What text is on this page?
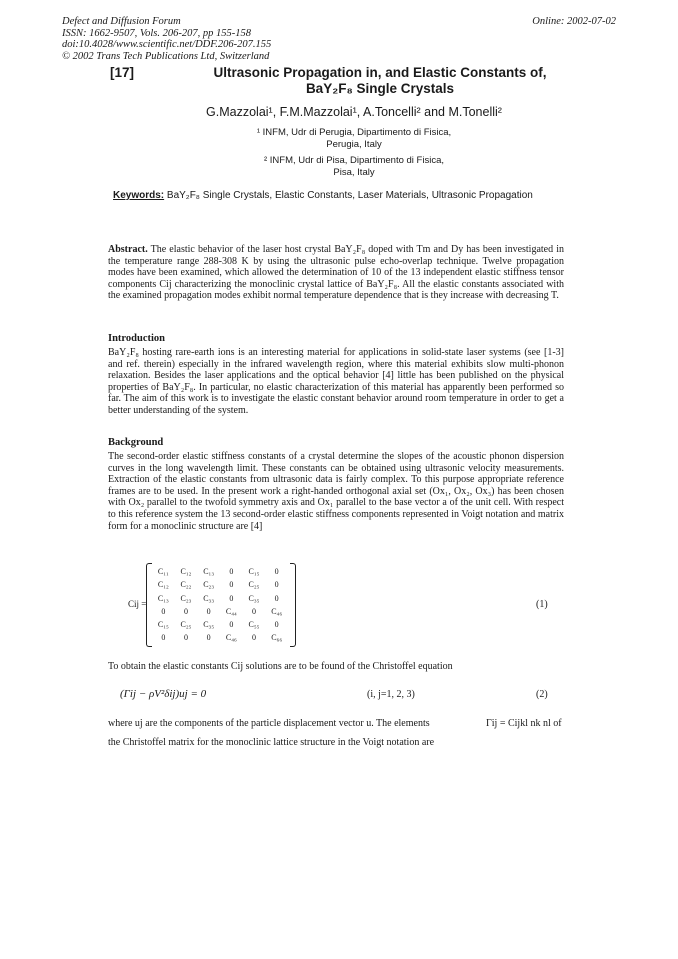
Defect and Diffusion Forum
ISSN: 1662-9507, Vols. 206-207, pp 155-158
doi:10.4028/www.scientific.net/DDF.206-207.155
© 2002 Trans Tech Publications Ltd, Switzerland
Online: 2002-07-02
[17]	Ultrasonic Propagation in, and Elastic Constants of,
BaY₂F₈ Single Crystals
G.Mazzolai¹, F.M.Mazzolai¹, A.Toncelli² and M.Tonelli²
¹ INFM, Udr di Perugia, Dipartimento di Fisica,
Perugia, Italy
² INFM, Udr di Pisa, Dipartimento di Fisica,
Pisa, Italy
Keywords: BaY₂F₈ Single Crystals, Elastic Constants, Laser Materials, Ultrasonic Propagation
Abstract. The elastic behavior of the laser host crystal BaY₂F₈ doped with Tm and Dy has been investigated in the temperature range 288-308 K by using the ultrasonic pulse echo-overlap technique. Twelve propagation modes have been examined, which allowed the determination of 10 of the 13 independent elastic stiffness tensor components Cij characterizing the monoclinic crystal lattice of BaY₂F₈. All the elastic constants associated with the examined propagation modes exhibit normal temperature dependence that is they increase with decreasing T.
Introduction
BaY₂F₈ hosting rare-earth ions is an interesting material for applications in solid-state laser systems (see [1-3] and ref. therein) especially in the infrared wavelength region, where this material exhibits slow multi-phonon relaxation. Besides the laser applications and the optical behavior [4] little has been published on the physical properties of BaY₂F₈. In particular, no elastic characterization of this material has apparently been performed so far. The aim of this work is to investigate the elastic constant behavior around room temperature in order to get a better understanding of the system.
Background
The second-order elastic stiffness constants of a crystal determine the slopes of the acoustic phonon dispersion curves in the long wavelength limit. These constants can be obtained using ultrasonic velocity measurements. Extraction of the elastic constants from ultrasonic data is fairly complex. To this purpose appropriate reference frames are to be used. In the present work a right-handed orthogonal axial set (Ox₁, Ox₂, Ox₃) has been chosen with Ox₂ parallel to the twofold symmetry axis and Ox₁ parallel to the base vector a of the unit cell. With respect to this reference system the 13 second-order elastic stiffness components represented in Voigt notation and matrix form for a monoclinic structure are [4]
Cij =
C₁₁	C₁₂	C₁₃	0	C₁₅	0
C₁₂	C₂₂	C₂₃	0	C₂₅	0
C₁₃	C₂₃	C₃₃	0	C₃₅	0
0	0	0	C₄₄	0	C₄₆
C₁₅	C₂₅	C₃₅	0	C₅₅	0
0	0	0	C₄₆	0	C₆₆
(1)
To obtain the elastic constants Cij solutions are to be found of the Christoffel equation
(Γij − ρV²δij)uj = 0	(i, j=1, 2, 3)	(2)
where uj are the components of the particle displacement vector u. The elements	Γij = Cijkl nk nl of
the Christoffel matrix for the monoclinic lattice structure in the Voigt notation are
